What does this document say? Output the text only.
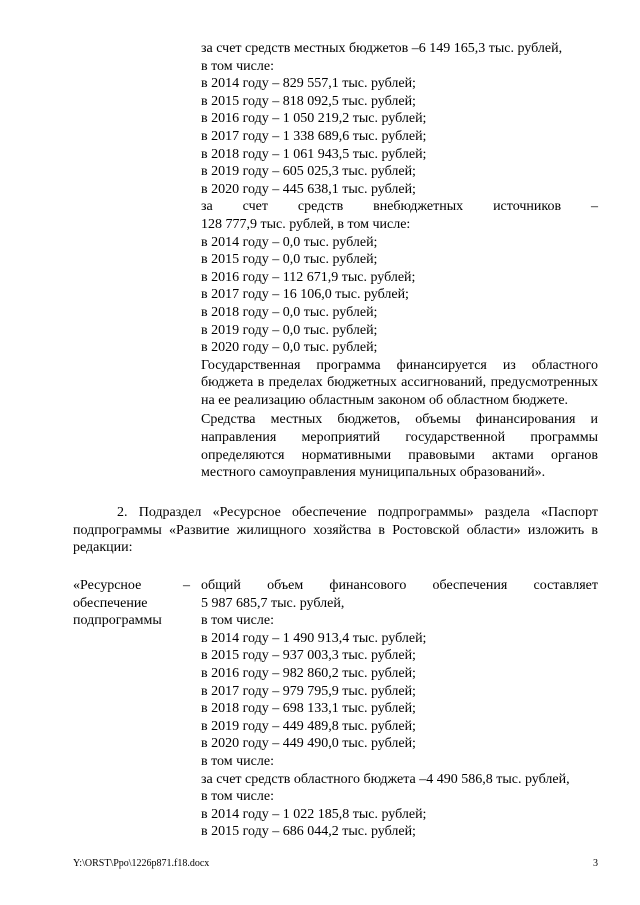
за счет средств местных бюджетов –6 149 165,3 тыс. рублей,
в том числе:
в 2014 году – 829 557,1 тыс. рублей;
в 2015 году – 818 092,5 тыс. рублей;
в 2016 году – 1 050 219,2 тыс. рублей;
в 2017 году – 1 338 689,6 тыс. рублей;
в 2018 году – 1 061 943,5 тыс. рублей;
в 2019 году – 605 025,3 тыс. рублей;
в 2020 году – 445 638,1 тыс. рублей;
за счет средств внебюджетных источников –
128 777,9 тыс. рублей, в том числе:
в 2014 году – 0,0 тыс. рублей;
в 2015 году – 0,0 тыс. рублей;
в 2016 году – 112 671,9 тыс. рублей;
в 2017 году – 16 106,0 тыс. рублей;
в 2018 году – 0,0 тыс. рублей;
в 2019 году – 0,0 тыс. рублей;
в 2020 году – 0,0 тыс. рублей;
Государственная программа финансируется из областного бюджета в пределах бюджетных ассигнований, предусмотренных на ее реализацию областным законом об областном бюджете.
Средства местных бюджетов, объемы финансирования и направления мероприятий государственной программы определяются нормативными правовыми актами органов местного самоуправления муниципальных образований».
2. Подраздел «Ресурсное обеспечение подпрограммы» раздела «Паспорт подпрограммы «Развитие жилищного хозяйства в Ростовской области» изложить в редакции:
«Ресурсное
обеспечение
подпрограммы
– общий объем финансового обеспечения составляет
5 987 685,7 тыс. рублей,
в том числе:
в 2014 году – 1 490 913,4 тыс. рублей;
в 2015 году – 937 003,3 тыс. рублей;
в 2016 году – 982 860,2 тыс. рублей;
в 2017 году – 979 795,9 тыс. рублей;
в 2018 году – 698 133,1 тыс. рублей;
в 2019 году – 449 489,8 тыс. рублей;
в 2020 году – 449 490,0 тыс. рублей;
в том числе:
за счет средств областного бюджета –4 490 586,8 тыс. рублей,
в том числе:
в 2014 году – 1 022 185,8 тыс. рублей;
в 2015 году – 686 044,2 тыс. рублей;
Y:\ORST\Ppo\1226p871.f18.docx	3
